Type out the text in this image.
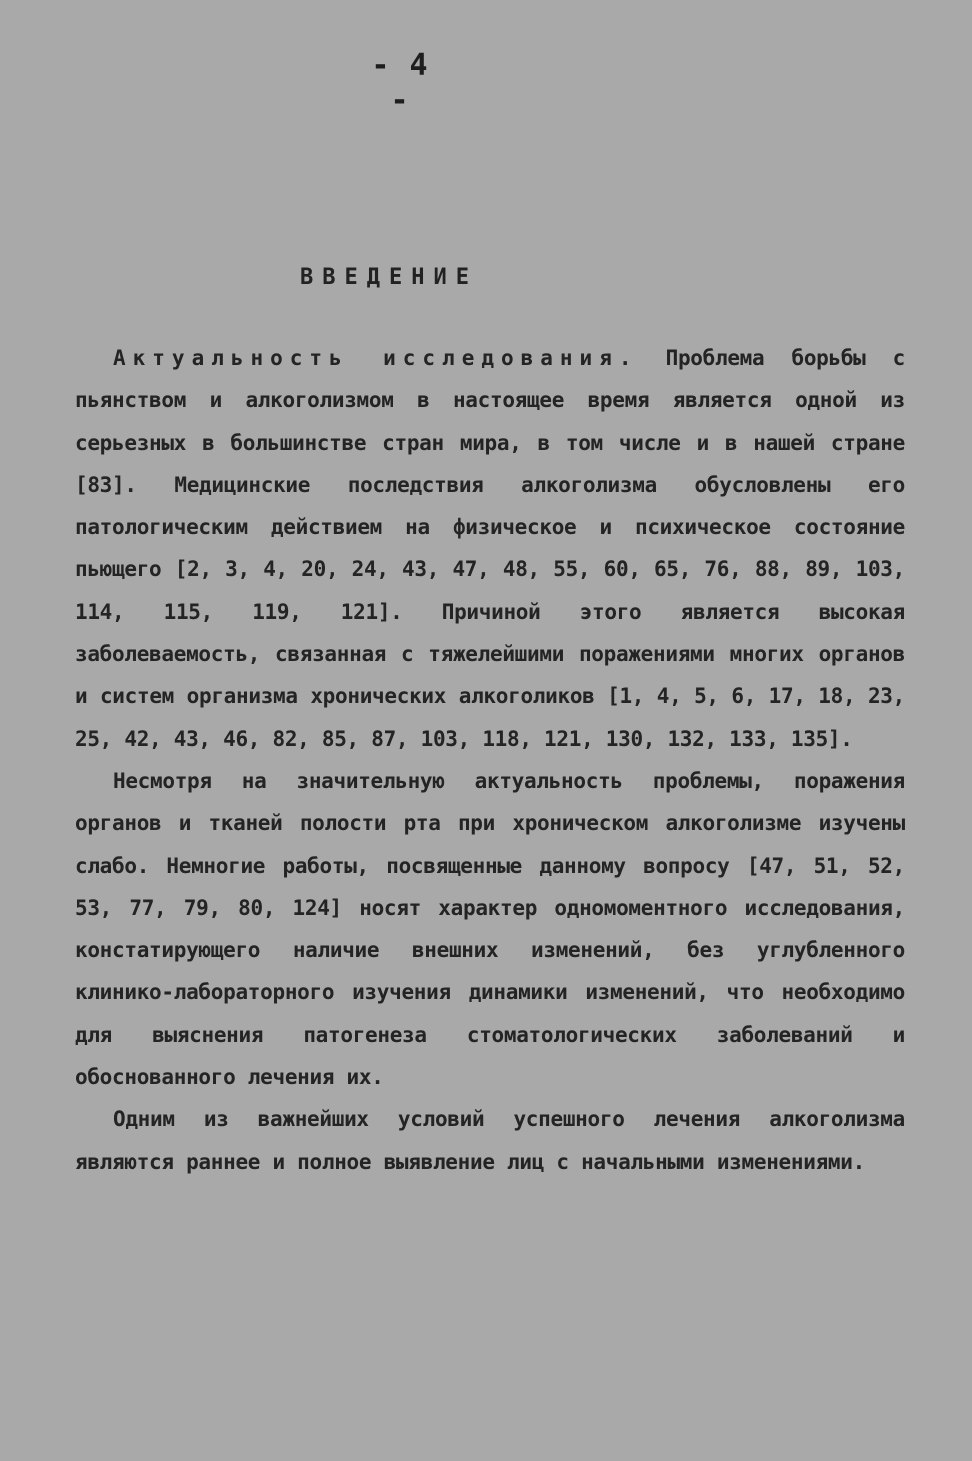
- 4 -
ВВЕДЕНИЕ

Актуальность исследования. Проблема борьбы с пьянством и алкоголизмом в настоящее время является одной из серьезных в большинстве стран мира, в том числе и в нашей стране [83]. Медицинские последствия алкоголизма обусловлены его патологическим действием на физическое и психическое состояние пьющего [2, 3, 4, 20, 24, 43, 47, 48, 55, 60, 65, 76, 88, 89, 103, 114, 115, 119, 121]. Причиной этого является высокая заболеваемость, связанная с тяжелейшими поражениями многих органов и систем организма хронических алкоголиков [1, 4, 5, 6, 17, 18, 23, 25, 42, 43, 46, 82, 85, 87, 103, 118, 121, 130, 132, 133, 135].

Несмотря на значительную актуальность проблемы, поражения органов и тканей полости рта при хроническом алкоголизме изучены слабо. Немногие работы, посвященные данному вопросу [47, 51, 52, 53, 77, 79, 80, 124] носят характер одномоментного исследования, констатирующего наличие внешних изменений, без углубленного клинико-лабораторного изучения динамики изменений, что необходимо для выяснения патогенеза стоматологических заболеваний и обоснованного лечения их.

Одним из важнейших условий успешного лечения алкоголизма являются раннее и полное выявление лиц с начальными изменениями.
